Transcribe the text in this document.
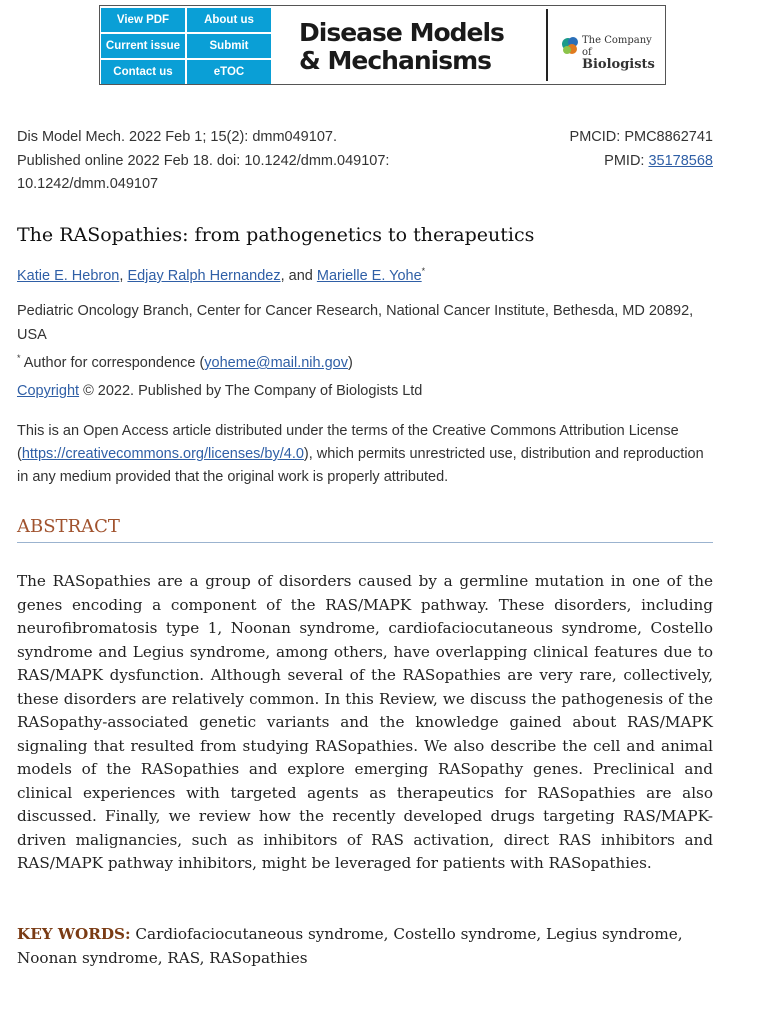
View PDF	About us
Current issue	Submit
Contact us	eTOC
Disease Models
& Mechanisms
The Company of
Biologists
Dis Model Mech. 2022 Feb 1; 15(2): dmm049107.
Published online 2022 Feb 18. doi: 10.1242/dmm.049107:
10.1242/dmm.049107
PMCID: PMC8862741
PMID: 35178568
The RASopathies: from pathogenetics to therapeutics
Katie E. Hebron, Edjay Ralph Hernandez, and Marielle E. Yohe*
Pediatric Oncology Branch, Center for Cancer Research, National Cancer Institute, Bethesda, MD 20892, USA
* Author for correspondence (yoheme@mail.nih.gov)
Copyright © 2022. Published by The Company of Biologists Ltd
This is an Open Access article distributed under the terms of the Creative Commons Attribution License (https://creativecommons.org/licenses/by/4.0), which permits unrestricted use, distribution and reproduction in any medium provided that the original work is properly attributed.
ABSTRACT

The RASopathies are a group of disorders caused by a germline mutation in one of the genes encoding a component of the RAS/MAPK pathway. These disorders, including neurofibromatosis type 1, Noonan syndrome, cardiofaciocutaneous syndrome, Costello syndrome and Legius syndrome, among others, have overlapping clinical features due to RAS/MAPK dysfunction. Although several of the RASopathies are very rare, collectively, these disorders are relatively common. In this Review, we discuss the pathogenesis of the RASopathy-associated genetic variants and the knowledge gained about RAS/MAPK signaling that resulted from studying RASopathies. We also describe the cell and animal models of the RASopathies and explore emerging RASopathy genes. Preclinical and clinical experiences with targeted agents as therapeutics for RASopathies are also discussed. Finally, we review how the recently developed drugs targeting RAS/MAPK-driven malignancies, such as inhibitors of RAS activation, direct RAS inhibitors and RAS/MAPK pathway inhibitors, might be leveraged for patients with RASopathies.

KEY WORDS: Cardiofaciocutaneous syndrome, Costello syndrome, Legius syndrome, Noonan syndrome, RAS, RASopathies
